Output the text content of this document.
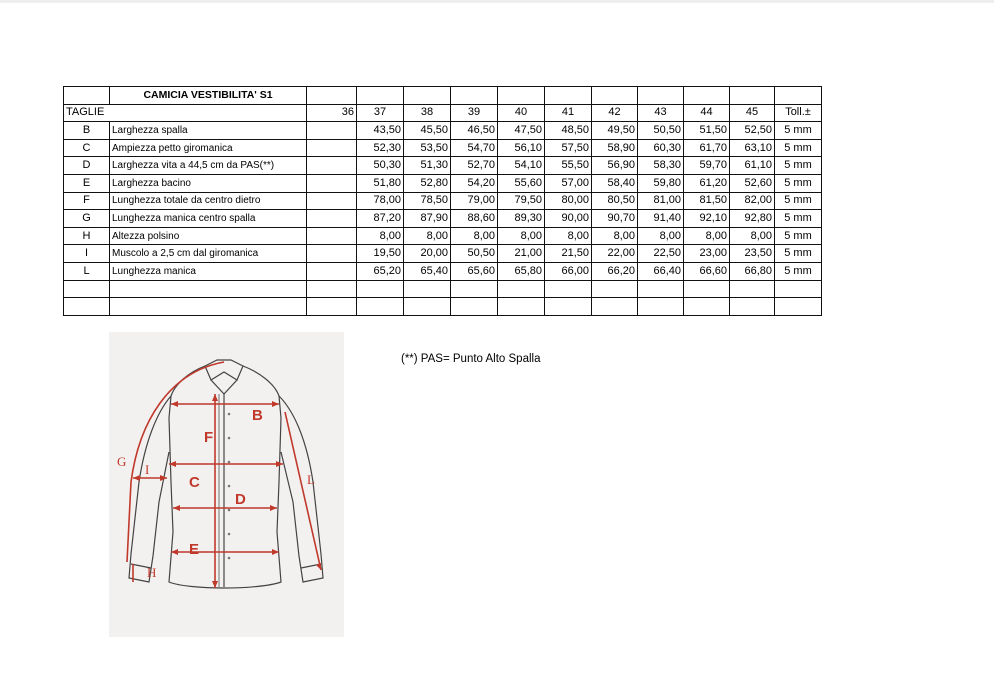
	CAMICIA VESTIBILITA' S1											
TAGLIE		36	37	38	39	40	41	42	43	44	45	Toll.±
B	Larghezza spalla		43,50	45,50	46,50	47,50	48,50	49,50	50,50	51,50	52,50	5 mm
C	Ampiezza petto giromanica		52,30	53,50	54,70	56,10	57,50	58,90	60,30	61,70	63,10	5 mm
D	Larghezza vita a 44,5 cm da PAS(**)		50,30	51,30	52,70	54,10	55,50	56,90	58,30	59,70	61,10	5 mm
E	Larghezza bacino		51,80	52,80	54,20	55,60	57,00	58,40	59,80	61,20	52,60	5 mm
F	Lunghezza totale da centro dietro		78,00	78,50	79,00	79,50	80,00	80,50	81,00	81,50	82,00	5 mm
G	Lunghezza manica centro spalla		87,20	87,90	88,60	89,30	90,00	90,70	91,40	92,10	92,80	5 mm
H	Altezza polsino		8,00	8,00	8,00	8,00	8,00	8,00	8,00	8,00	8,00	5 mm
I	Muscolo a 2,5 cm dal giromanica		19,50	20,00	50,50	21,00	21,50	22,00	22,50	23,00	23,50	5 mm
L	Lunghezza manica		65,20	65,40	65,60	65,80	66,00	66,20	66,40	66,60	66,80	5 mm

B
F
C
D
E
G
I
L
H
(**) PAS= Punto Alto Spalla
